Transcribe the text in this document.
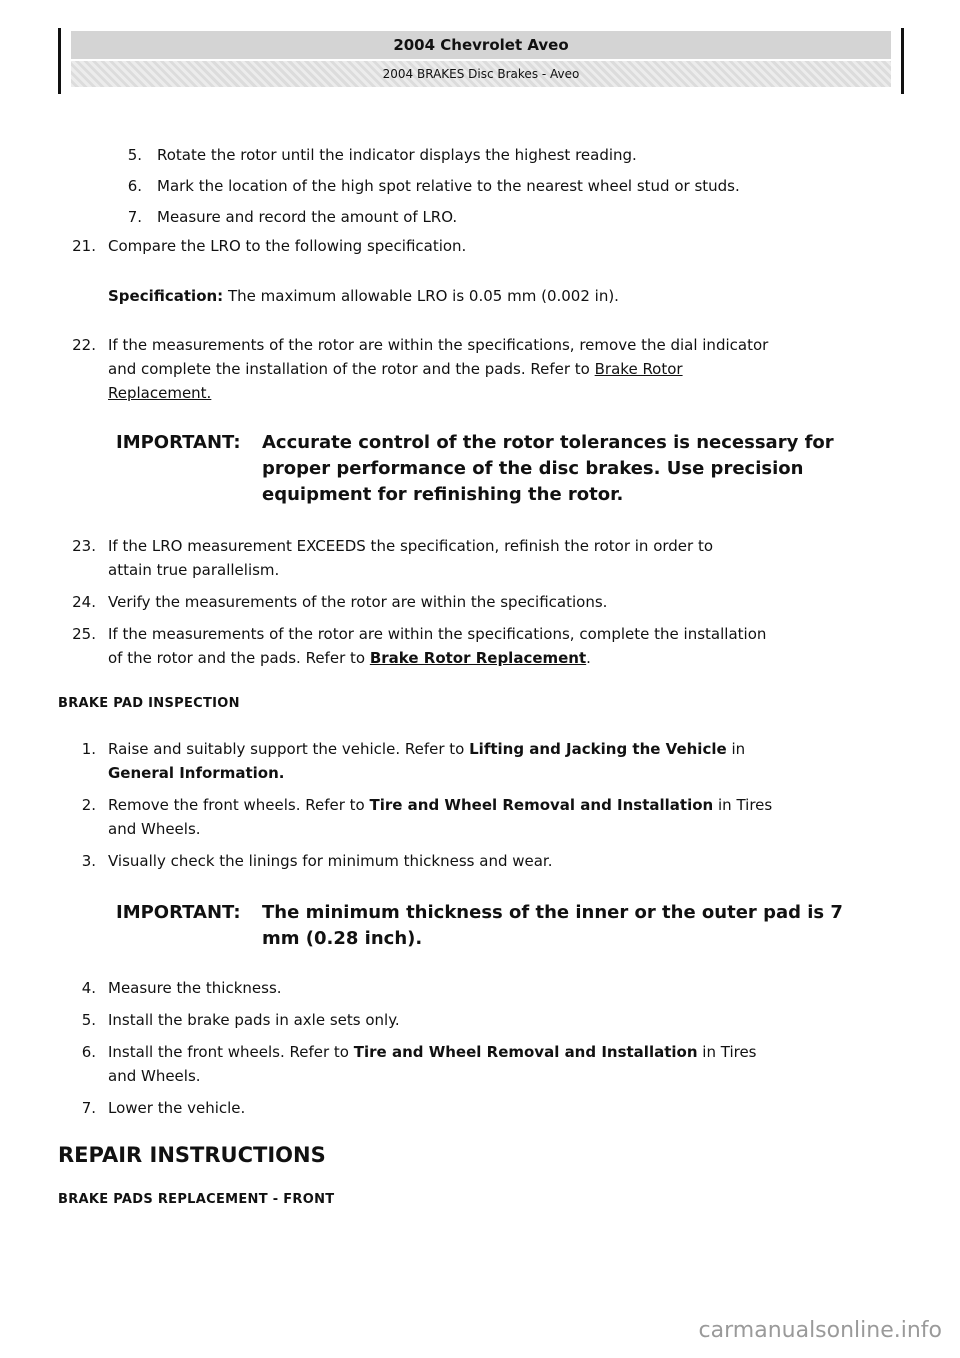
2004 Chevrolet Aveo
2004 BRAKES Disc Brakes - Aveo
5. Rotate the rotor until the indicator displays the highest reading.
6. Mark the location of the high spot relative to the nearest wheel stud or studs.
7. Measure and record the amount of LRO.
21. Compare the LRO to the following specification.
Specification: The maximum allowable LRO is 0.05 mm (0.002 in).
22. If the measurements of the rotor are within the specifications, remove the dial indicator
and complete the installation of the rotor and the pads. Refer to Brake Rotor
Replacement.
IMPORTANT: Accurate control of the rotor tolerances is necessary for
proper performance of the disc brakes. Use precision
equipment for refinishing the rotor.
23. If the LRO measurement EXCEEDS the specification, refinish the rotor in order to
attain true parallelism.
24. Verify the measurements of the rotor are within the specifications.
25. If the measurements of the rotor are within the specifications, complete the installation
of the rotor and the pads. Refer to Brake Rotor Replacement.
BRAKE PAD INSPECTION
1. Raise and suitably support the vehicle. Refer to Lifting and Jacking the Vehicle in
General Information.
2. Remove the front wheels. Refer to Tire and Wheel Removal and Installation in Tires
and Wheels.
3. Visually check the linings for minimum thickness and wear.
IMPORTANT: The minimum thickness of the inner or the outer pad is 7
mm (0.28 inch).
4. Measure the thickness.
5. Install the brake pads in axle sets only.
6. Install the front wheels. Refer to Tire and Wheel Removal and Installation in Tires
and Wheels.
7. Lower the vehicle.
REPAIR INSTRUCTIONS
BRAKE PADS REPLACEMENT - FRONT
carmanualsonline.info
